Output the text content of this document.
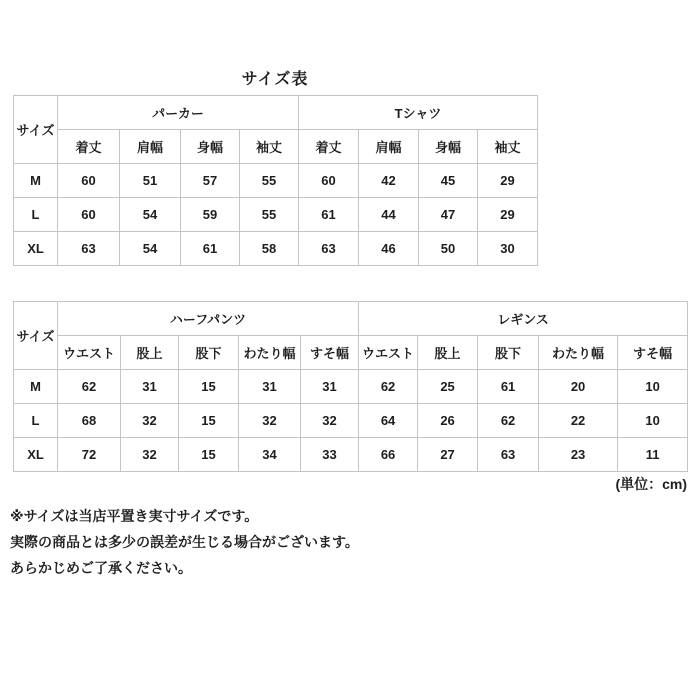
サイズ表
サイズ	パーカー				Tシャツ			
	着丈	肩幅	身幅	袖丈	着丈	肩幅	身幅	袖丈
M	60	51	57	55	60	42	45	29
L	60	54	59	55	61	44	47	29
XL	63	54	61	58	63	46	50	30
サイズ	ハーフパンツ					レギンス				
	ウエスト	股上	股下	わたり幅	すそ幅	ウエスト	股上	股下	わたり幅	すそ幅
M	62	31	15	31	31	62	25	61	20	10
L	68	32	15	32	32	64	26	62	22	10
XL	72	32	15	34	33	66	27	63	23	11
(単位：cm)

※サイズは当店平置き実寸サイズです。

実際の商品とは多少の誤差が生じる場合がございます。

あらかじめご了承ください。
